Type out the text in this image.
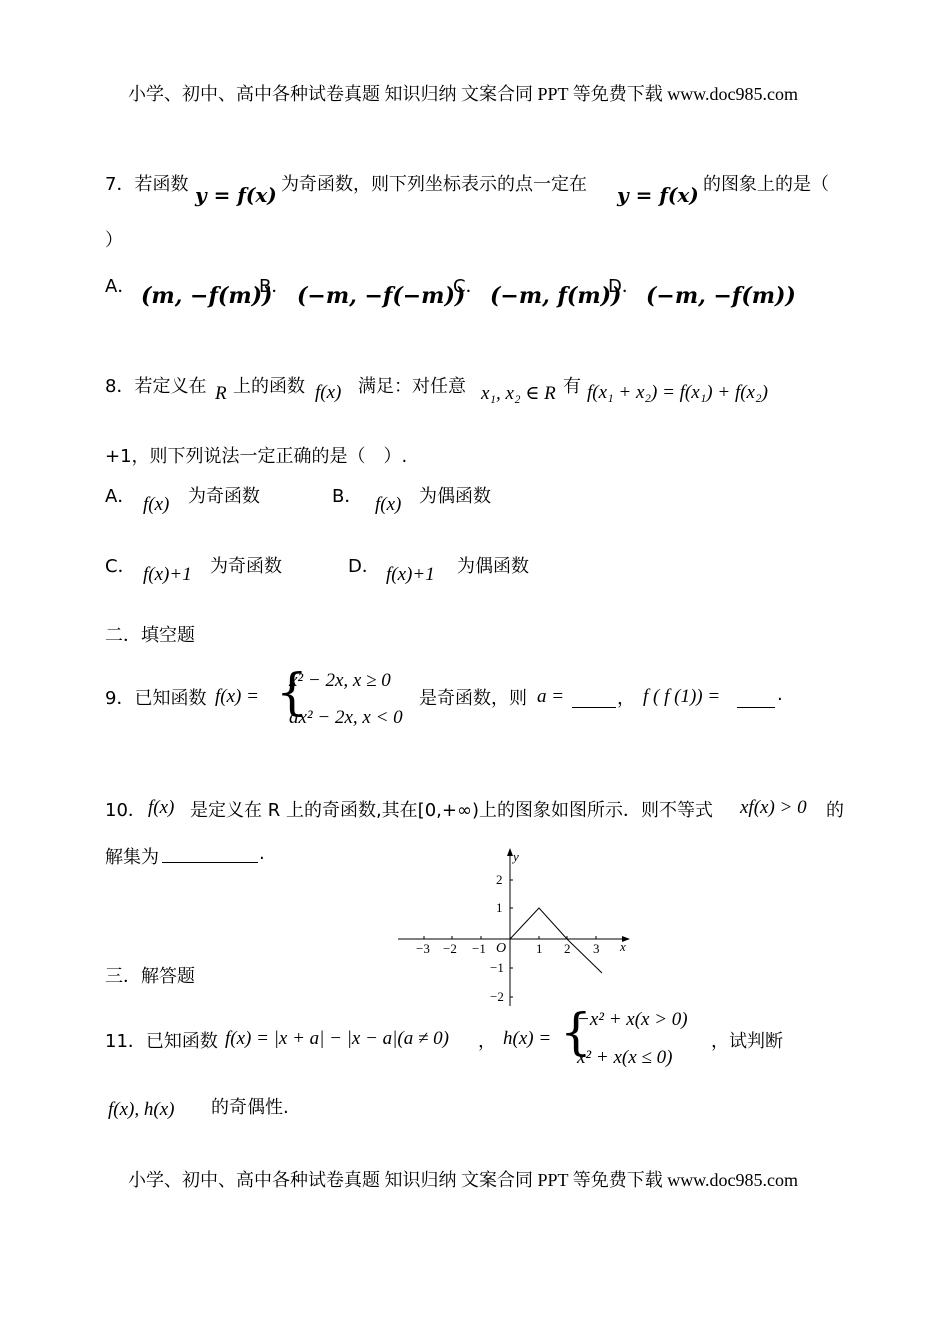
小学、初中、高中各种试卷真题 知识归纳 文案合同 PPT 等免费下载 www.doc985.com
7．若函数 y = f(x) 为奇函数，则下列坐标表示的点一定在 y = f(x) 的图象上的是（
）
A． (m, −f(m))
B． (−m, −f(−m))
C． (−m, f(m))
D． (−m, −f(m))
8．若定义在 R 上的函数 f(x) 满足：对任意 x₁, x₂ ∈ R 有 f(x₁ + x₂) = f(x₁) + f(x₂)
+1，则下列说法一定正确的是（　）.
A． f(x) 为奇函数	B． f(x) 为偶函数
C． f(x)+1 为奇函数	D． f(x)+1 为偶函数
二．填空题
9．已知函数 f(x) = {
x² − 2x, x ≥ 0
ax² − 2x, x < 0
是奇函数，则 a =	， f ( f (1)) =	.
10． f(x) 是定义在 R 上的奇函数,其在[0,+∞)上的图象如图所示．则不等式 xf(x) > 0 的
解集为	.
−3 −2 −1	1 2 3
2
1
−1
−2
O	x
y
三．解答题
11．已知函数 f(x) = |x + a| − |x − a|(a ≠ 0) ， h(x) = {
−x² + x(x > 0)
x² + x(x ≤ 0)
，试判断
f(x), h(x) 的奇偶性.
小学、初中、高中各种试卷真题 知识归纳 文案合同 PPT 等免费下载 www.doc985.com
